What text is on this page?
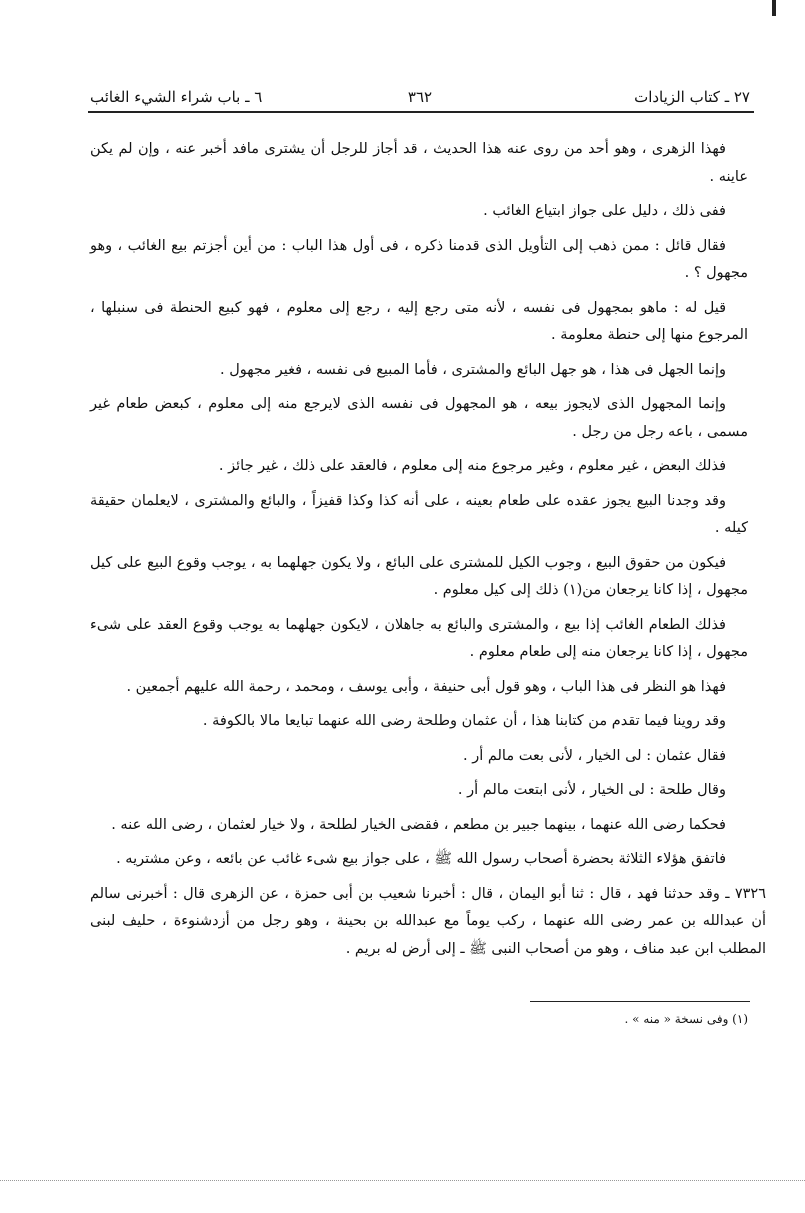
٢٧ ـ كتاب الزيادات
٣٦٢
٦ ـ باب شراء الشيء الغائب

فهذا الزهرى ، وهو أحد من روى عنه هذا الحديث ، قد أجاز للرجل أن يشترى مافد أخبر عنه ، وإن لم يكن عاينه .

ففى ذلك ، دليل على جواز ابتياع الغائب .

فقال قائل : ممن ذهب إلى التأويل الذى قدمنا ذكره ، فى أول هذا الباب : من أين أجزتم بيع الغائب ، وهو مجهول ؟ .

قيل له : ماهو بمجهول فى نفسه ، لأنه متى رجع إليه ، رجع إلى معلوم ، فهو كبيع الحنطة فى سنبلها ، المرجوع منها إلى حنطة معلومة .

وإنما الجهل فى هذا ، هو جهل البائع والمشترى ، فأما المبيع فى نفسه ، فغير مجهول .

وإنما المجهول الذى لايجوز بيعه ، هو المجهول فى نفسه الذى لايرجع منه إلى معلوم ، كبعض طعام غير مسمى ، باعه رجل من رجل .

فذلك البعض ، غير معلوم ، وغير مرجوع منه إلى معلوم ، فالعقد على ذلك ، غير جائز .

وقد وجدنا البيع يجوز عقده على طعام بعينه ، على أنه كذا وكذا قفيزاً ، والبائع والمشترى ، لايعلمان حقيقة كيله .

فيكون من حقوق البيع ، وجوب الكيل للمشترى على البائع ، ولا يكون جهلهما به ، يوجب وقوع البيع على كيل مجهول ، إذا كانا يرجعان من(١) ذلك إلى كيل معلوم .

فذلك الطعام الغائب إذا بيع ، والمشترى والبائع به جاهلان ، لايكون جهلهما به يوجب وقوع العقد على شىء مجهول ، إذا كانا يرجعان منه إلى طعام معلوم .

فهذا هو النظر فى هذا الباب ، وهو قول أبى حنيفة ، وأبى يوسف ، ومحمد ، رحمة الله عليهم أجمعين .

وقد روينا فيما تقدم من كتابنا هذا ، أن عثمان وطلحة رضى الله عنهما تبايعا مالا بالكوفة .

فقال عثمان : لى الخيار ، لأنى بعت مالم أر .

وقال طلحة : لى الخيار ، لأنى ابتعت مالم أر .

فحكما رضى الله عنهما ، بينهما جبير بن مطعم ، فقضى الخيار لطلحة ، ولا خيار لعثمان ، رضى الله عنه .

فاتفق هؤلاء الثلاثة بحضرة أصحاب رسول الله ﷺ ، على جواز بيع شىء غائب عن بائعه ، وعن مشتريه .

٧٣٢٦ ـ وقد حدثنا فهد ، قال : ثنا أبو اليمان ، قال : أخبرنا شعيب بن أبى حمزة ، عن الزهرى قال : أخبرنى سالم أن عبدالله بن عمر رضى الله عنهما ، ركب يوماً مع عبدالله بن بحينة ، وهو رجل من أزدشنوءة ، حليف لبنى المطلب ابن عبد مناف ، وهو من أصحاب النبى ﷺ ـ إلى أرض له بريم .

(١) وفى نسخة « منه » .
